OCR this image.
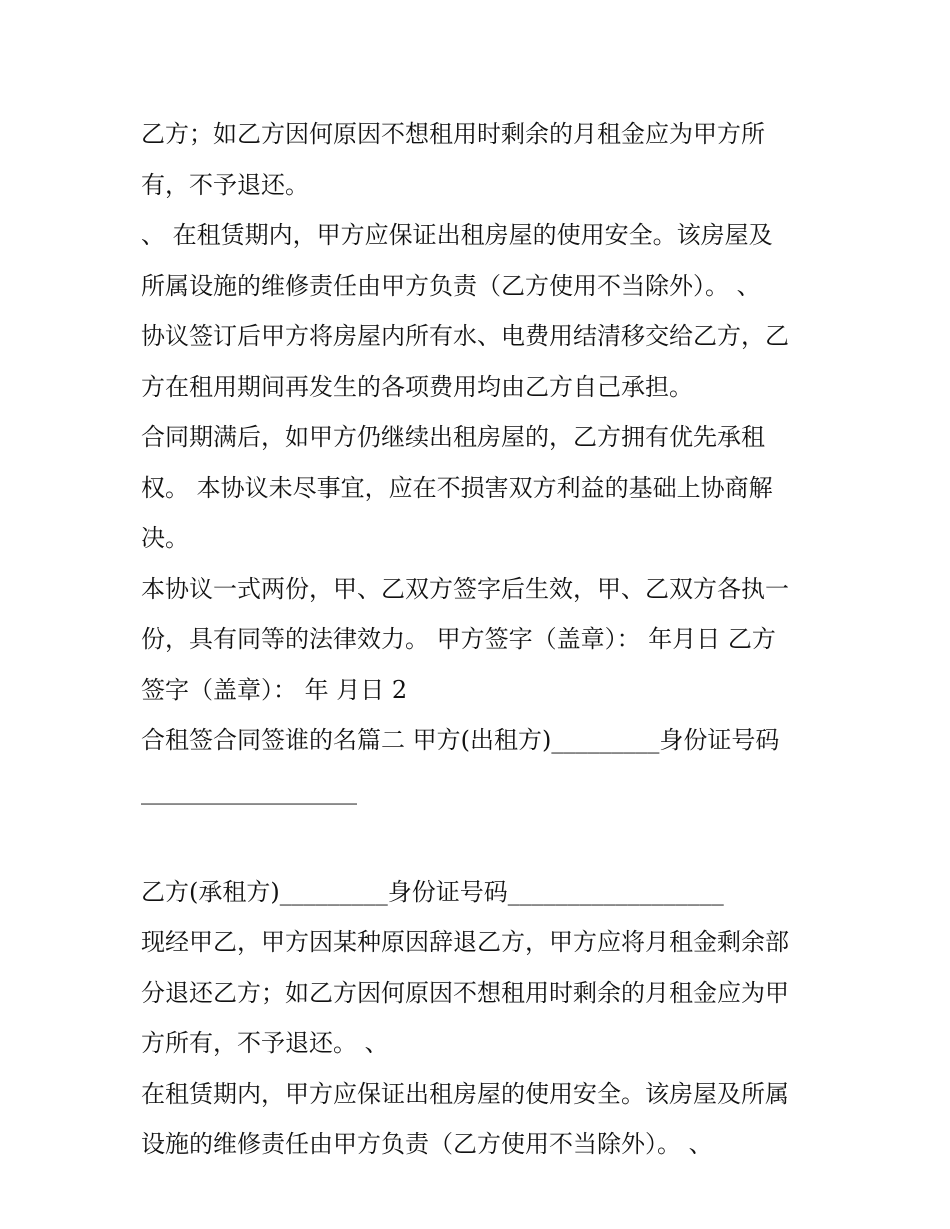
乙方；如乙方因何原因不想租用时剩余的月租金应为甲方所
有，不予退还。
、 在租赁期内，甲方应保证出租房屋的使用安全。该房屋及
所属设施的维修责任由甲方负责（乙方使用不当除外）。 、
协议签订后甲方将房屋内所有水、电费用结清移交给乙方，乙
方在租用期间再发生的各项费用均由乙方自己承担。
合同期满后，如甲方仍继续出租房屋的，乙方拥有优先承租
权。 本协议未尽事宜，应在不损害双方利益的基础上协商解
决。
本协议一式两份，甲、乙双方签字后生效，甲、乙双方各执一
份，具有同等的法律效力。 甲方签字（盖章）： 年月日 乙方
签字（盖章）： 年 月日 2
合租签合同签谁的名篇二 甲方(出租方)_________身份证号码
__________________
乙方(承租方)_________身份证号码__________________
现经甲乙，甲方因某种原因辞退乙方，甲方应将月租金剩余部
分退还乙方；如乙方因何原因不想租用时剩余的月租金应为甲
方所有，不予退还。 、
在租赁期内，甲方应保证出租房屋的使用安全。该房屋及所属
设施的维修责任由甲方负责（乙方使用不当除外）。 、
